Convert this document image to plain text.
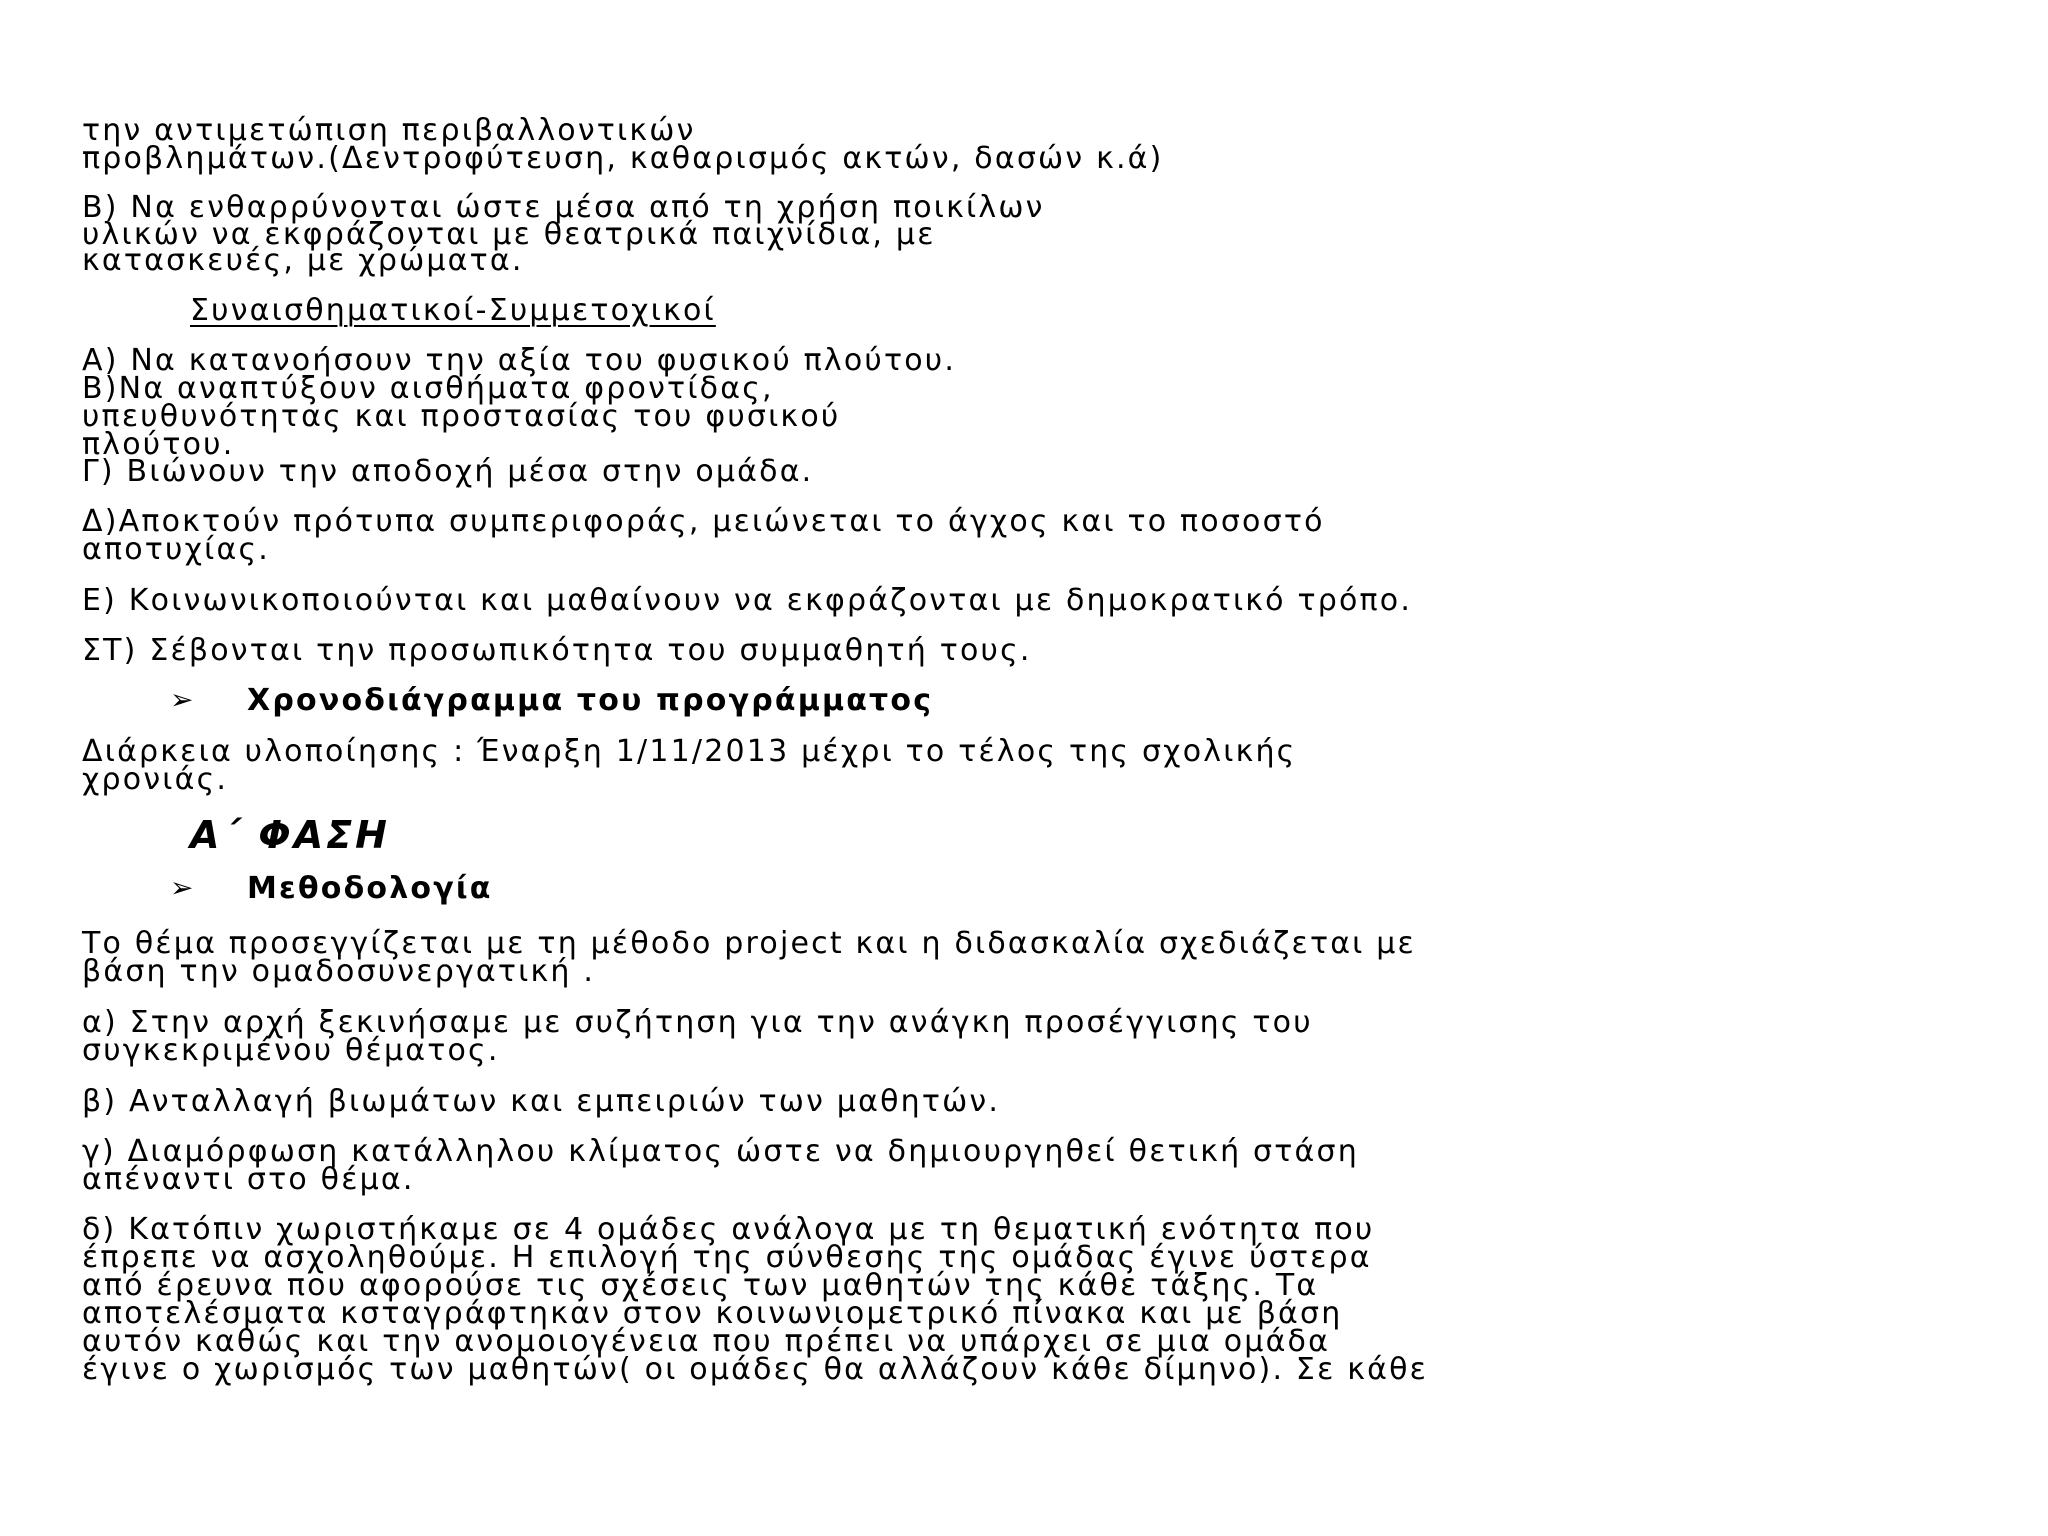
την αντιμετώπιση περιβαλλοντικών

προβλημάτων.(Δεντροφύτευση, καθαρισμός ακτών, δασών κ.ά)

Β) Να ενθαρρύνονται ώστε μέσα από τη χρήση ποικίλων

υλικών να εκφράζονται με θεατρικά παιχνίδια, με

κατασκευές, με χρώματα.

Συναισθηματικοί-Συμμετοχικοί

Α) Να κατανοήσουν την αξία του φυσικού πλούτου.

Β)Να αναπτύξουν αισθήματα φροντίδας,

υπευθυνότητας και προστασίας του φυσικού

πλούτου.

Γ) Βιώνουν την αποδοχή μέσα στην ομάδα.

Δ)Αποκτούν πρότυπα συμπεριφοράς, μειώνεται το άγχος και το ποσοστό

αποτυχίας.

Ε) Κοινωνικοποιούνται και μαθαίνουν να εκφράζονται με δημοκρατικό τρόπο.

ΣΤ) Σέβονται την προσωπικότητα του συμμαθητή τους.

➢ Χρονοδιάγραμμα του προγράμματος

Διάρκεια υλοποίησης : Έναρξη 1/11/2013 μέχρι το τέλος της σχολικής

χρονιάς.

Α΄ ΦΑΣΗ
➢ Μεθοδολογία

Το θέμα προσεγγίζεται με τη μέθοδο project και η διδασκαλία σχεδιάζεται με

βάση την ομαδοσυνεργατική .

α) Στην αρχή ξεκινήσαμε με συζήτηση για την ανάγκη προσέγγισης του

συγκεκριμένου θέματος.

β) Ανταλλαγή βιωμάτων και εμπειριών των μαθητών.

γ) Διαμόρφωση κατάλληλου κλίματος ώστε να δημιουργηθεί θετική στάση

απέναντι στο θέμα.

δ) Κατόπιν χωριστήκαμε σε 4 ομάδες ανάλογα με τη θεματική ενότητα που

έπρεπε να ασχοληθούμε. Η επιλογή της σύνθεσης της ομάδας έγινε ύστερα

από έρευνα που αφορούσε τις σχέσεις των μαθητών της κάθε τάξης. Τα

αποτελέσματα κσταγράφτηκαν στον κοινωνιομετρικό πίνακα και με βάση

αυτόν καθώς και την ανομοιογένεια που πρέπει να υπάρχει σε μια ομάδα

έγινε ο χωρισμός των μαθητών( οι ομάδες θα αλλάζουν κάθε δίμηνο). Σε κάθε
